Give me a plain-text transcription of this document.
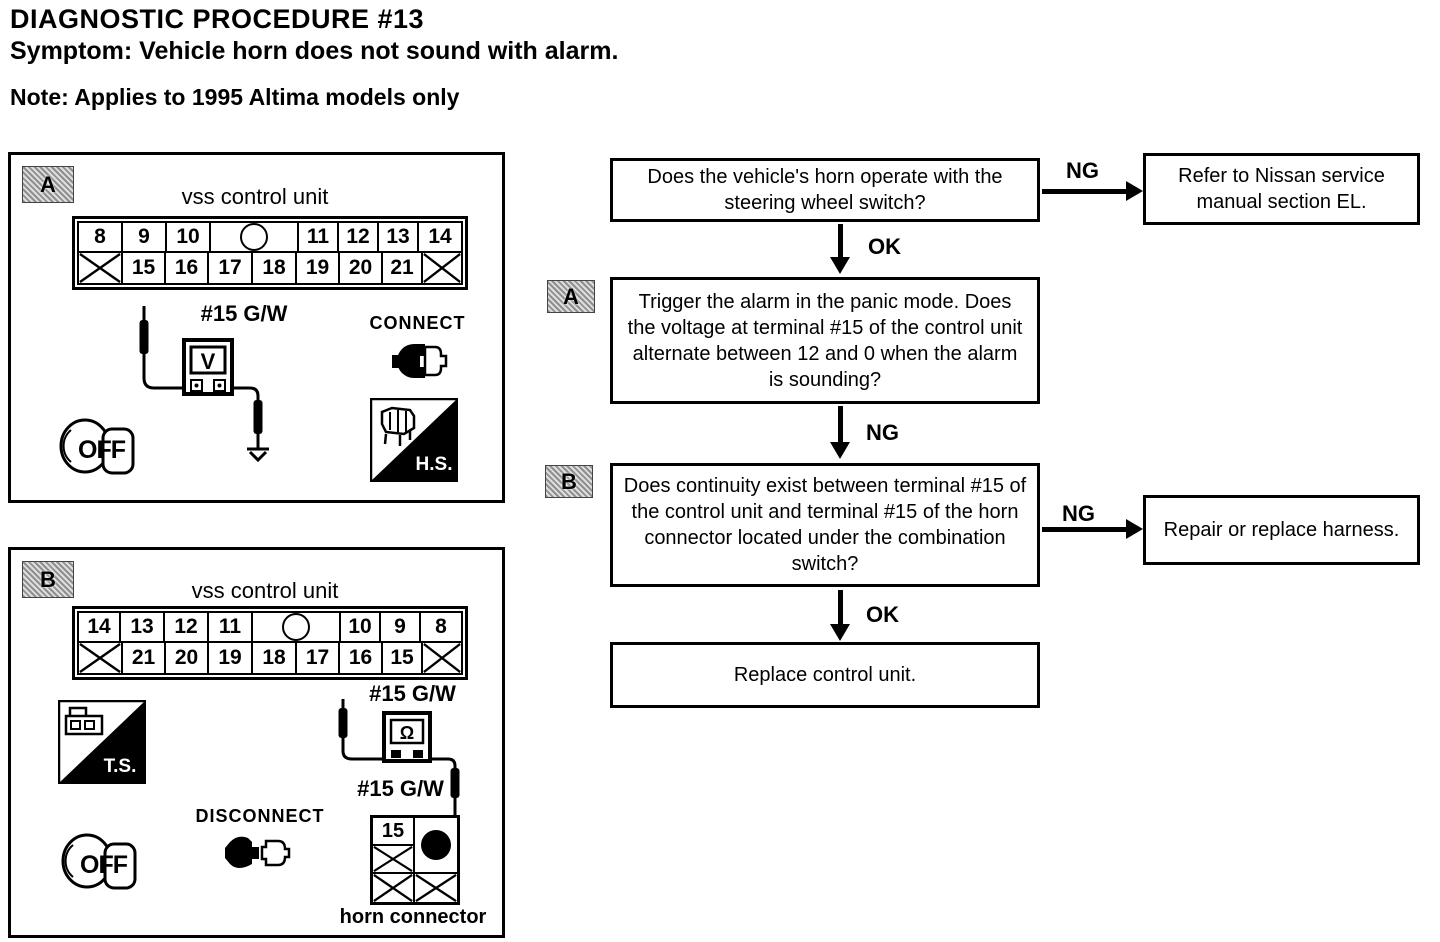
DIAGNOSTIC PROCEDURE #13
Symptom: Vehicle horn does not sound with alarm.
Note: Applies to 1995 Altima models only
A	vss control unit
8	9	10	11 12 13 14
15 16 17 18 19 20 21
#15 G/W
V
CONNECT
H.S.
OFF
B	vss control unit
14 13 12	11	10	9	8
21 20 19 18 17 16 15
T.S.
#15 G/W
Ω
#15 G/W
DISCONNECT
OFF
15
horn connector
Does the vehicle's horn operate with the steering wheel switch?
NG	Refer to Nissan service manual section EL.
OK
A	Trigger the alarm in the panic mode. Does the voltage at terminal #15 of the control unit alternate between 12 and 0 when the alarm is sounding?
NG
B	Does continuity exist between terminal #15 of the control unit and terminal #15 of the horn connector located under the combination switch?
NG
Repair or replace harness.
OK
Replace control unit.
